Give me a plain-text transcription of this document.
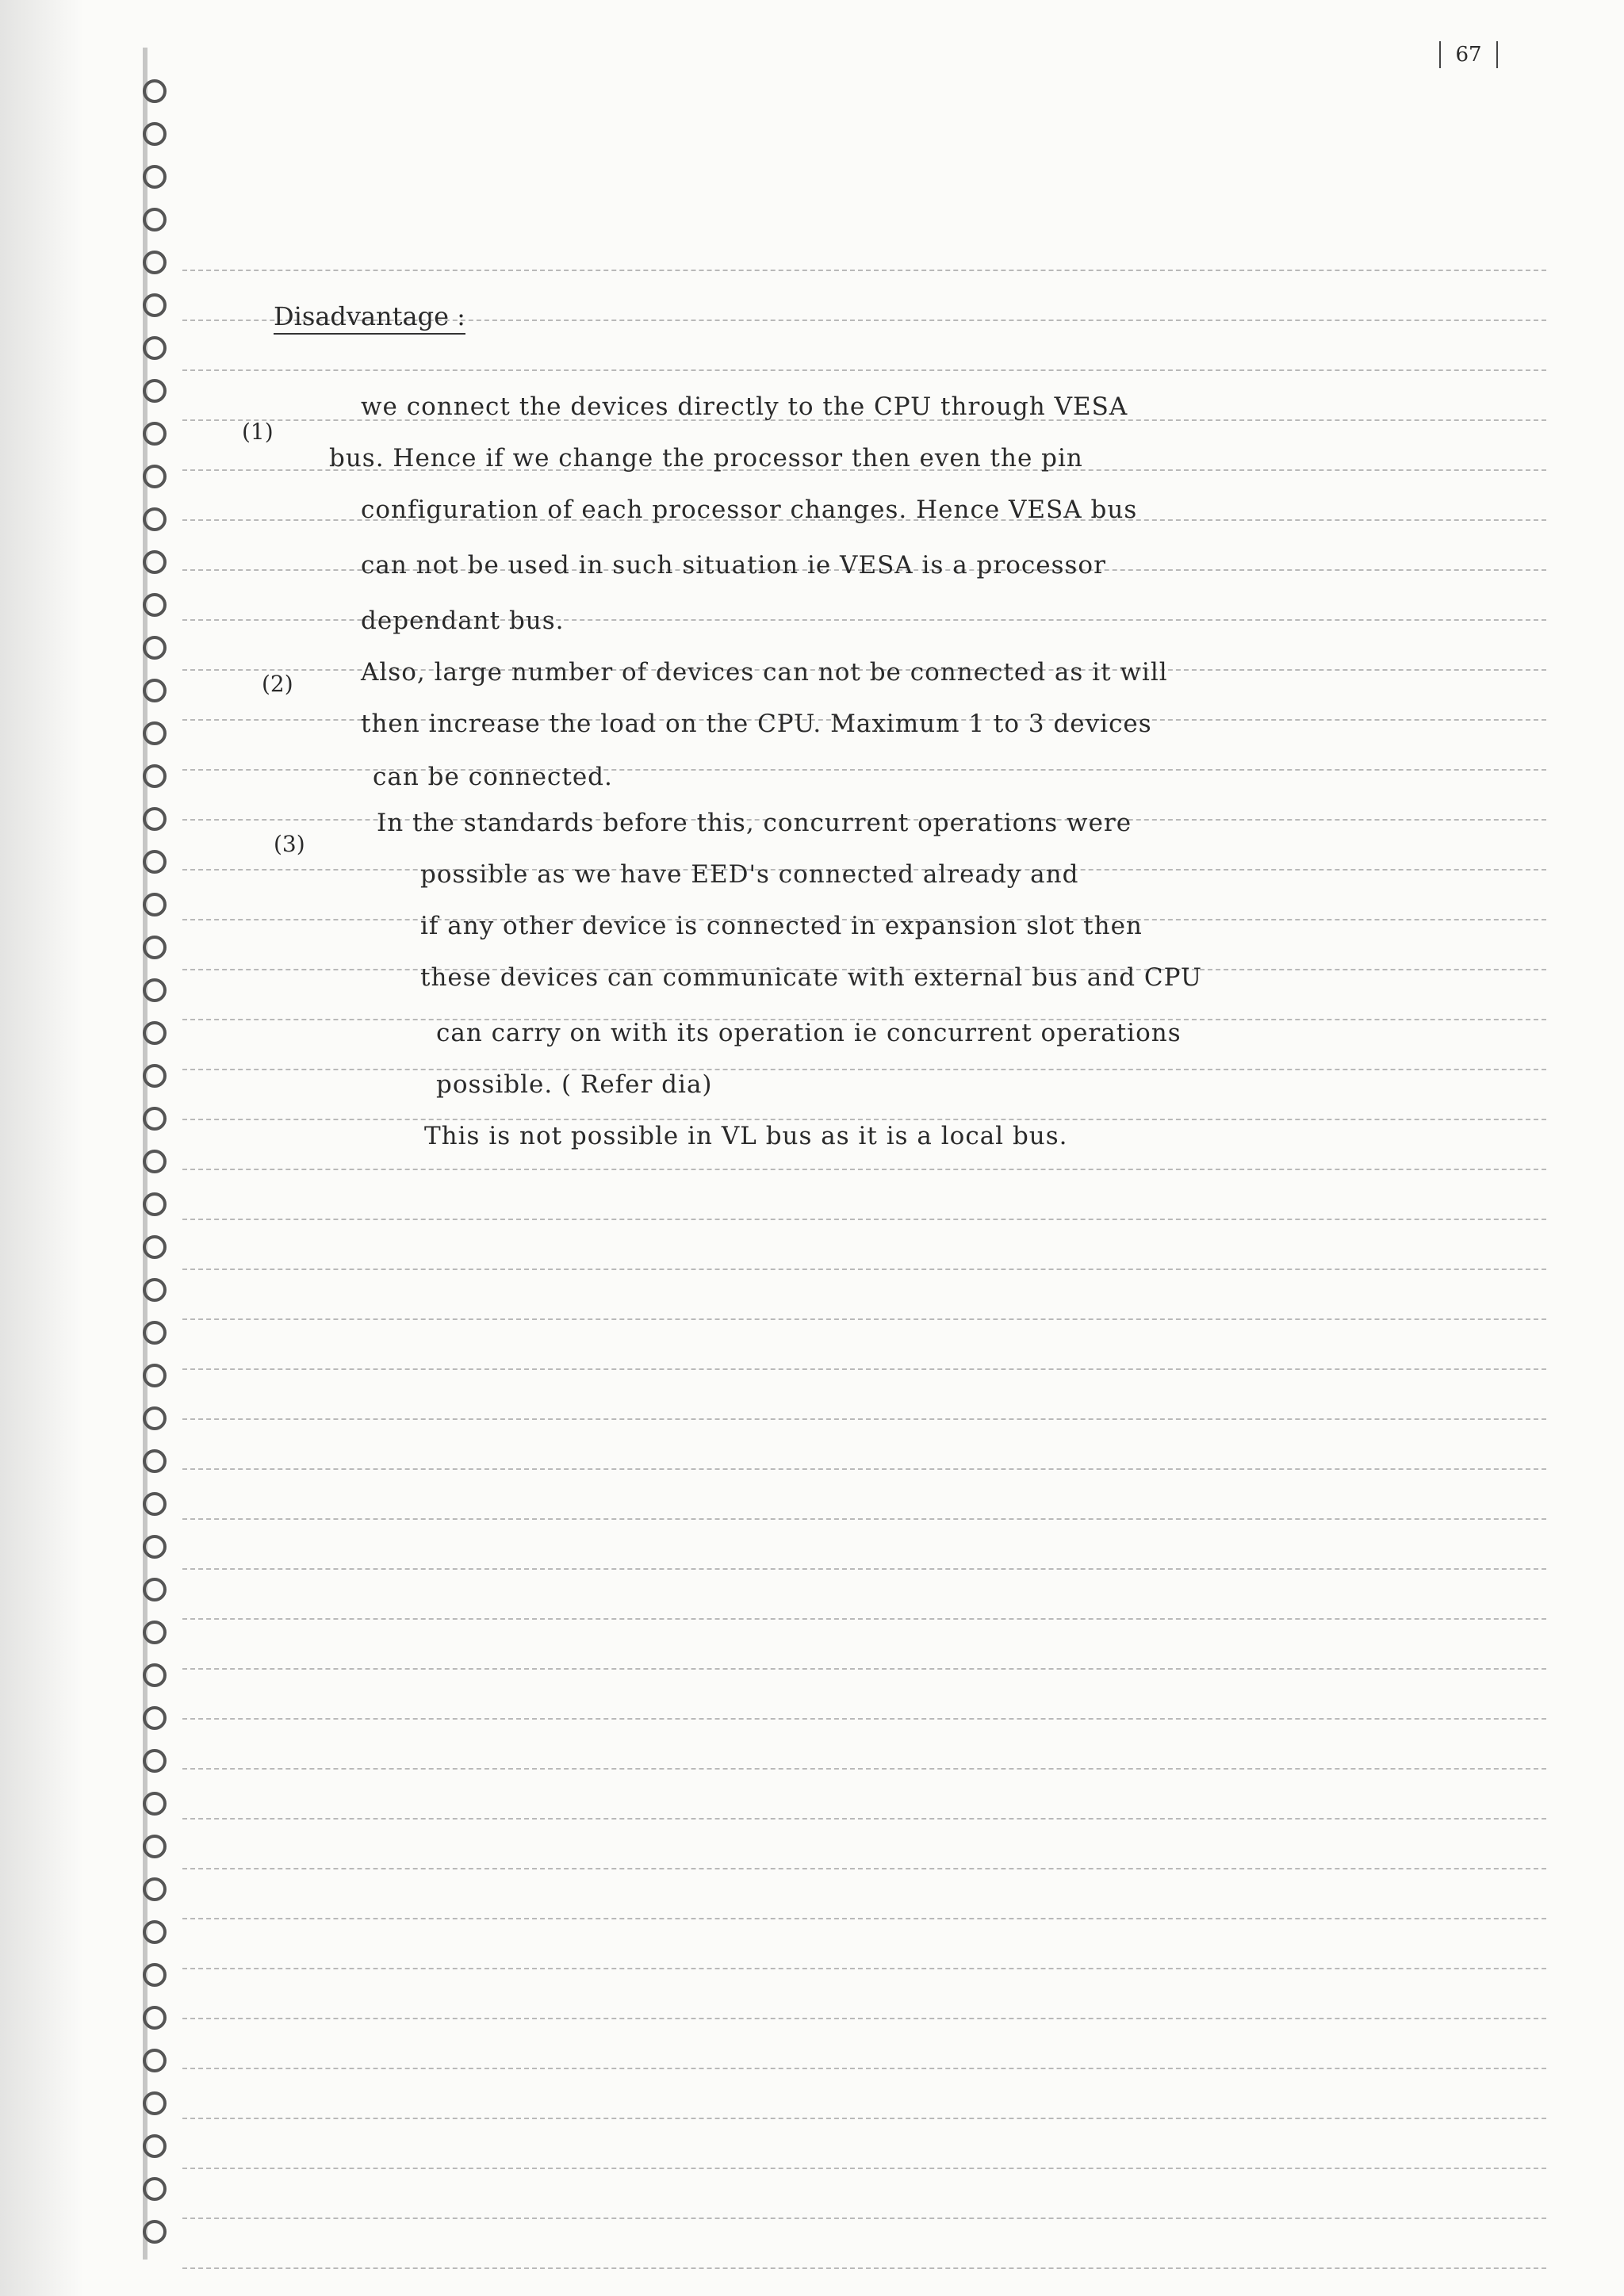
67
Disadvantage :
(1)
we connect the devices directly to the CPU through VESA
bus. Hence if we change the processor then even the pin
configuration of each processor changes. Hence VESA bus
can not be used in such situation ie VESA is a processor
dependant bus.
(2)	Also, large number of devices can not be connected as it will
then increase the load on the CPU. Maximum 1 to 3 devices
can be connected.
(3)
In the standards before this, concurrent operations were
possible as we have EED's connected already and
if any other device is connected in expansion slot then
these devices can communicate with external bus and CPU
can carry on with its operation ie concurrent operations
possible. ( Refer dia)
This is not possible in VL bus as it is a local bus.
